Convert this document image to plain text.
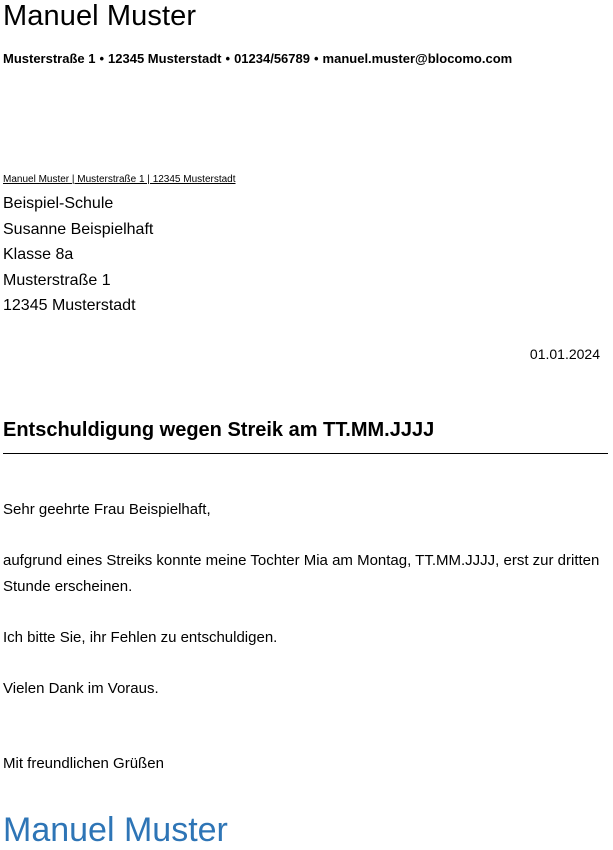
Manuel Muster
Musterstraße 1 • 12345 Musterstadt • 01234/56789 • manuel.muster@blocomo.com
Manuel Muster | Musterstraße 1 | 12345 Musterstadt
Beispiel-Schule
Susanne Beispielhaft
Klasse 8a
Musterstraße 1
12345 Musterstadt
01.01.2024
Entschuldigung wegen Streik am TT.MM.JJJJ

Sehr geehrte Frau Beispielhaft,

aufgrund eines Streiks konnte meine Tochter Mia am Montag, TT.MM.JJJJ, erst zur dritten Stunde erscheinen.

Ich bitte Sie, ihr Fehlen zu entschuldigen.

Vielen Dank im Voraus.

Mit freundlichen Grüßen
Manuel Muster
